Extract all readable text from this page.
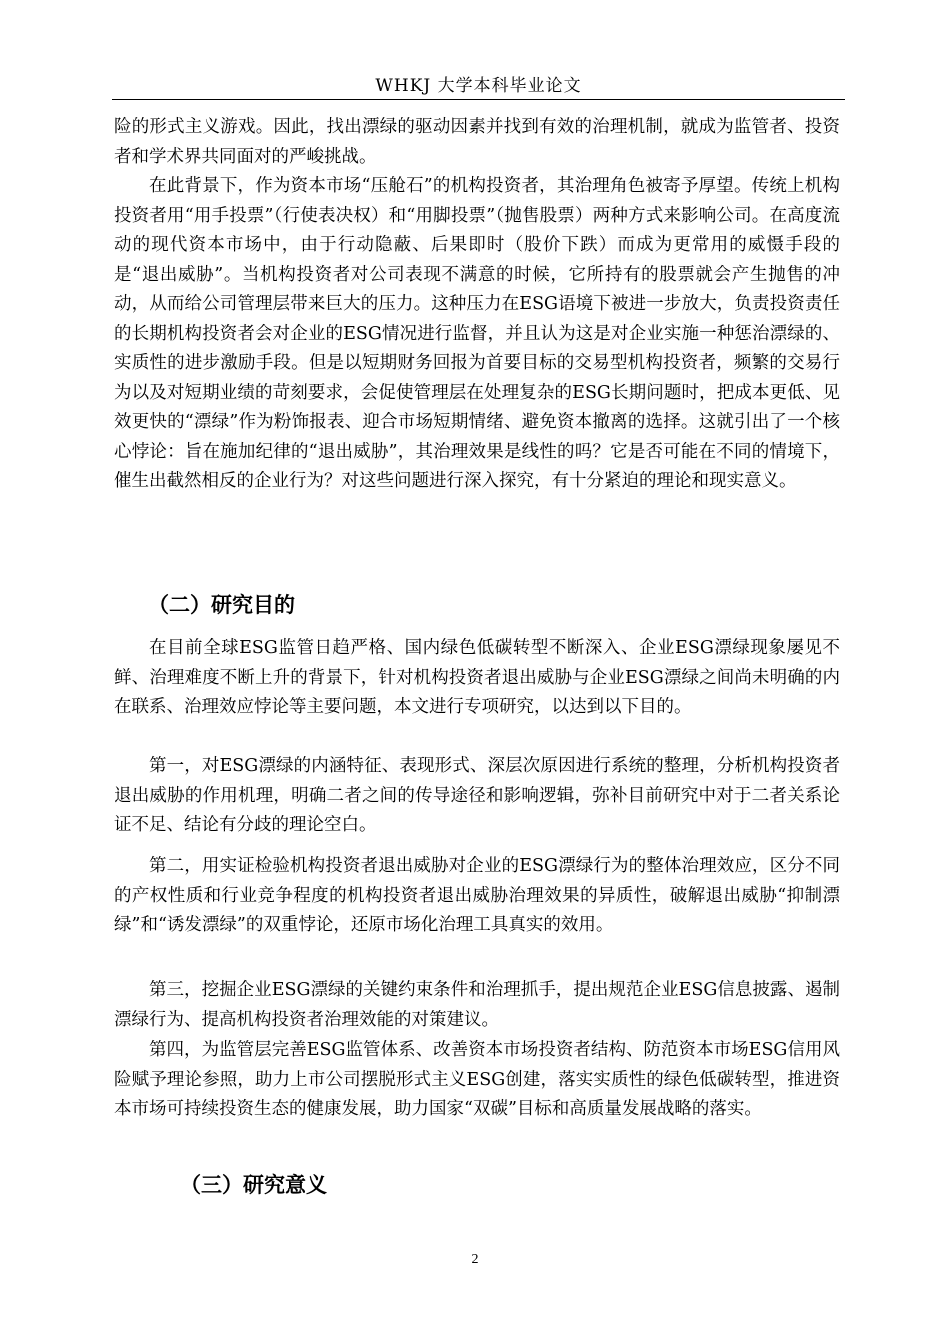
WHKJ 大学本科毕业论文

险的形式主义游戏。因此，找出漂绿的驱动因素并找到有效的治理机制，就成为监管者、投资者和学术界共同面对的严峻挑战。

在此背景下，作为资本市场“压舱石”的机构投资者，其治理角色被寄予厚望。传统上机构投资者用“用手投票”（行使表决权）和“用脚投票”（抛售股票）两种方式来影响公司。在高度流动的现代资本市场中，由于行动隐蔽、后果即时（股价下跌）而成为更常用的威慑手段的是“退出威胁”。当机构投资者对公司表现不满意的时候，它所持有的股票就会产生抛售的冲动，从而给公司管理层带来巨大的压力。这种压力在ESG语境下被进一步放大，负责投资责任的长期机构投资者会对企业的ESG情况进行监督，并且认为这是对企业实施一种惩治漂绿的、实质性的进步激励手段。但是以短期财务回报为首要目标的交易型机构投资者，频繁的交易行为以及对短期业绩的苛刻要求，会促使管理层在处理复杂的ESG长期问题时，把成本更低、见效更快的“漂绿”作为粉饰报表、迎合市场短期情绪、避免资本撤离的选择。这就引出了一个核心悖论：旨在施加纪律的“退出威胁”，其治理效果是线性的吗？它是否可能在不同的情境下，催生出截然相反的企业行为？对这些问题进行深入探究，有十分紧迫的理论和现实意义。

（二）研究目的

在目前全球ESG监管日趋严格、国内绿色低碳转型不断深入、企业ESG漂绿现象屡见不鲜、治理难度不断上升的背景下，针对机构投资者退出威胁与企业ESG漂绿之间尚未明确的内在联系、治理效应悖论等主要问题，本文进行专项研究，以达到以下目的。

第一，对ESG漂绿的内涵特征、表现形式、深层次原因进行系统的整理，分析机构投资者退出威胁的作用机理，明确二者之间的传导途径和影响逻辑，弥补目前研究中对于二者关系论证不足、结论有分歧的理论空白。

第二，用实证检验机构投资者退出威胁对企业的ESG漂绿行为的整体治理效应，区分不同的产权性质和行业竞争程度的机构投资者退出威胁治理效果的异质性，破解退出威胁“抑制漂绿”和“诱发漂绿”的双重悖论，还原市场化治理工具真实的效用。

第三，挖掘企业ESG漂绿的关键约束条件和治理抓手，提出规范企业ESG信息披露、遏制漂绿行为、提高机构投资者治理效能的对策建议。

第四，为监管层完善ESG监管体系、改善资本市场投资者结构、防范资本市场ESG信用风险赋予理论参照，助力上市公司摆脱形式主义ESG创建，落实实质性的绿色低碳转型，推进资本市场可持续投资生态的健康发展，助力国家“双碳”目标和高质量发展战略的落实。

（三）研究意义
2
